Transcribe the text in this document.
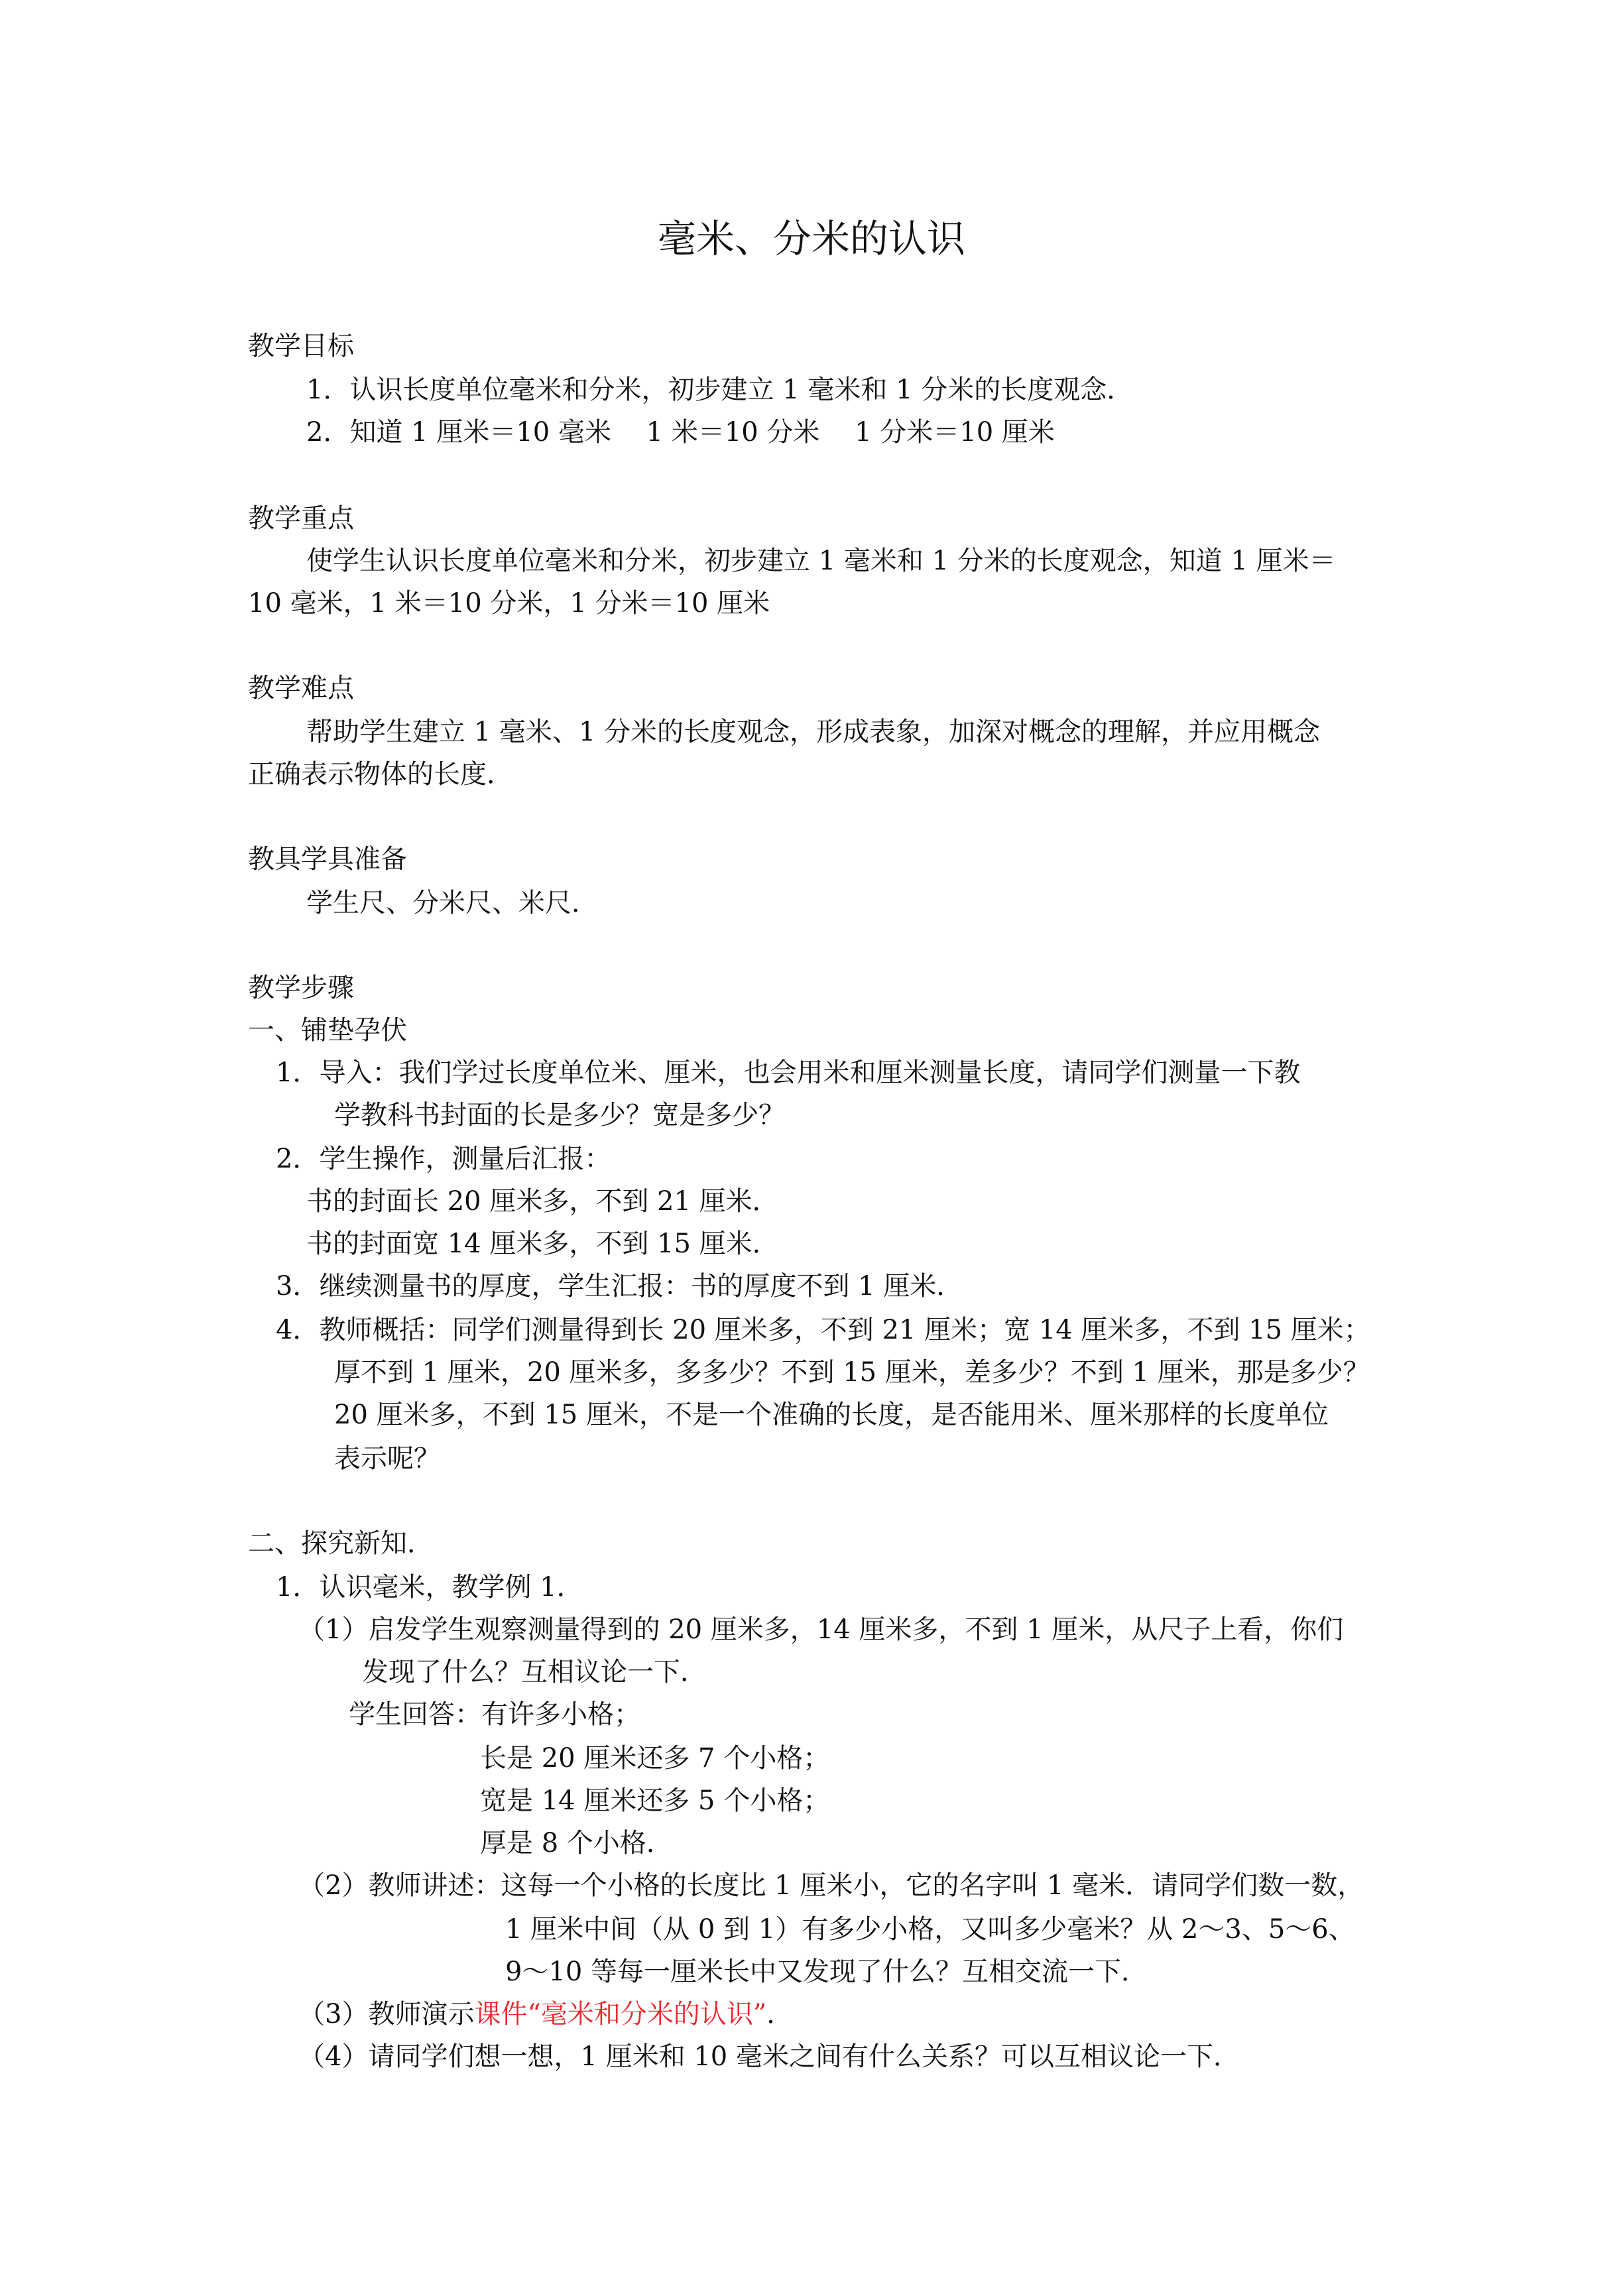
毫米、分米的认识
教学目标
1．认识长度单位毫米和分米，初步建立 1 毫米和 1 分米的长度观念．
2．知道 1 厘米＝10 毫米　 1 米＝10 分米　 1 分米＝10 厘米
教学重点
使学生认识长度单位毫米和分米，初步建立 1 毫米和 1 分米的长度观念，知道 1 厘米＝
10 毫米，1 米＝10 分米，1 分米＝10 厘米
教学难点
帮助学生建立 1 毫米、1 分米的长度观念，形成表象，加深对概念的理解，并应用概念
正确表示物体的长度．
教具学具准备
学生尺、分米尺、米尺．
教学步骤
一、铺垫孕伏
1．导入：我们学过长度单位米、厘米，也会用米和厘米测量长度，请同学们测量一下教
学教科书封面的长是多少？宽是多少？
2．学生操作，测量后汇报：
书的封面长 20 厘米多，不到 21 厘米．
书的封面宽 14 厘米多，不到 15 厘米．
3．继续测量书的厚度，学生汇报：书的厚度不到 1 厘米．
4．教师概括：同学们测量得到长 20 厘米多，不到 21 厘米；宽 14 厘米多，不到 15 厘米；
厚不到 1 厘米，20 厘米多，多多少？不到 15 厘米，差多少？不到 1 厘米，那是多少？
20 厘米多，不到 15 厘米，不是一个准确的长度，是否能用米、厘米那样的长度单位
表示呢？
二、探究新知．
1．认识毫米，教学例 1．
（1）启发学生观察测量得到的 20 厘米多，14 厘米多，不到 1 厘米，从尺子上看，你们
发现了什么？互相议论一下．
学生回答：有许多小格；
长是 20 厘米还多 7 个小格；
宽是 14 厘米还多 5 个小格；
厚是 8 个小格．
（2）教师讲述：这每一个小格的长度比 1 厘米小，它的名字叫 1 毫米．请同学们数一数，
1 厘米中间（从 0 到 1）有多少小格，又叫多少毫米？从 2～3、5～6、
9～10 等每一厘米长中又发现了什么？互相交流一下．
（3）教师演示课件“毫米和分米的认识”．
（4）请同学们想一想，1 厘米和 10 毫米之间有什么关系？可以互相议论一下．
